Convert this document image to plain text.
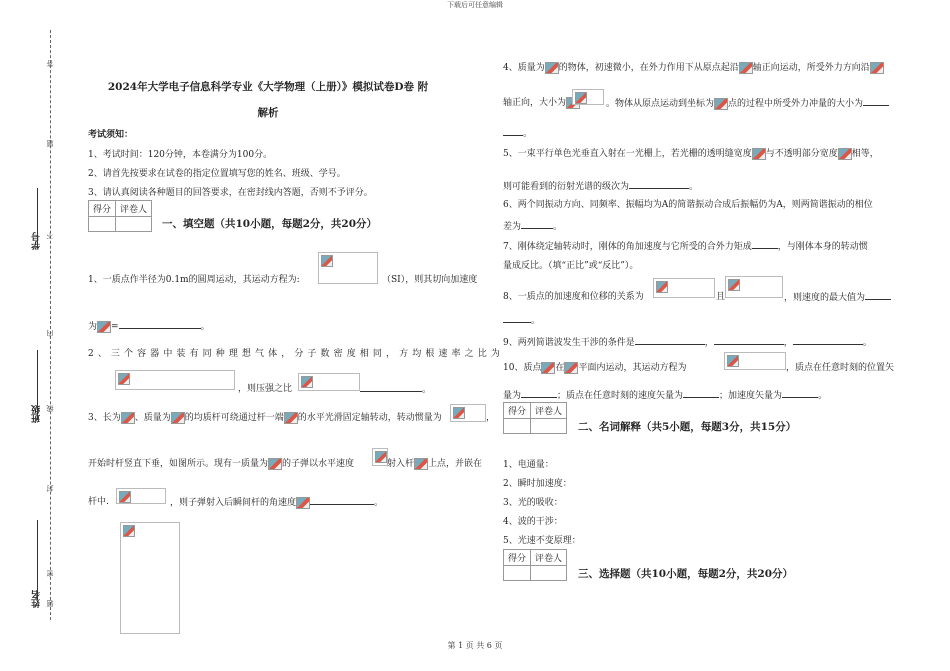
下载后可任意编辑
学号
班级
姓名
答
题
不
内
线
封
密
题
2024年大学电子信息科学专业《大学物理（上册）》模拟试卷D卷 附
解析
考试须知：
1、考试时间：120分钟，本卷满分为100分。
2、请首先按要求在试卷的指定位置填写您的姓名、班级、学号。
3、请认真阅读各种题目的回答要求，在密封线内答题，否则不予评分。
得分	评卷人

一、填空题（共10小题，每题2分，共20分）
1、一质点作半径为0.1m的圆周运动，其运动方程为:	（SI），则其切向加速度
为 =	。
2、三个容器中装有同种理想气体，分子数密度相同，方均根速率之比为
，则压强之比	。
3、长为 、质量为 的均质杆可绕通过杆一端 的水平光滑固定轴转动，转动惯量为	，
开始时杆竖直下垂，如图所示。现有一质量为 的子弹以水平速度	射入杆 上点，并嵌在
杆中.	，则子弹射入后瞬间杆的角速度	。
4、质量为 的物体，初速微小，在外力作用下从原点起沿 轴正向运动，所受外力方向沿
轴正向，大小为	。物体从原点运动到坐标为 点的过程中所受外力冲量的大小为
。
5、一束平行单色光垂直入射在一光栅上，若光栅的透明缝宽度 与不透明部分宽度 相等，
则可能看到的衍射光谱的级次为	。
6、两个同振动方向、同频率、振幅均为A的简谐振动合成后振幅仍为A，则两简谐振动的相位
差为	。
7、刚体绕定轴转动时，刚体的角加速度与它所受的合外力矩成	，与刚体本身的转动惯
量成反比。（填“正比”或“反比”）。
8、一质点的加速度和位移的关系为	且	，则速度的最大值为
。
9、两列简谐波发生干涉的条件是	，	，	。
10、质点 在 平面内运动，其运动方程为	，质点在任意时刻的位置矢
量为	；质点在任意时刻的速度矢量为	；加速度矢量为	。
得分	评卷人

二、名词解释（共5小题，每题3分，共15分）
1、电通量：
2、瞬时加速度：
3、光的吸收：
4、波的干涉：
5、光速不变原理：
得分	评卷人

三、选择题（共10小题，每题2分，共20分）
第 1 页 共 6 页
